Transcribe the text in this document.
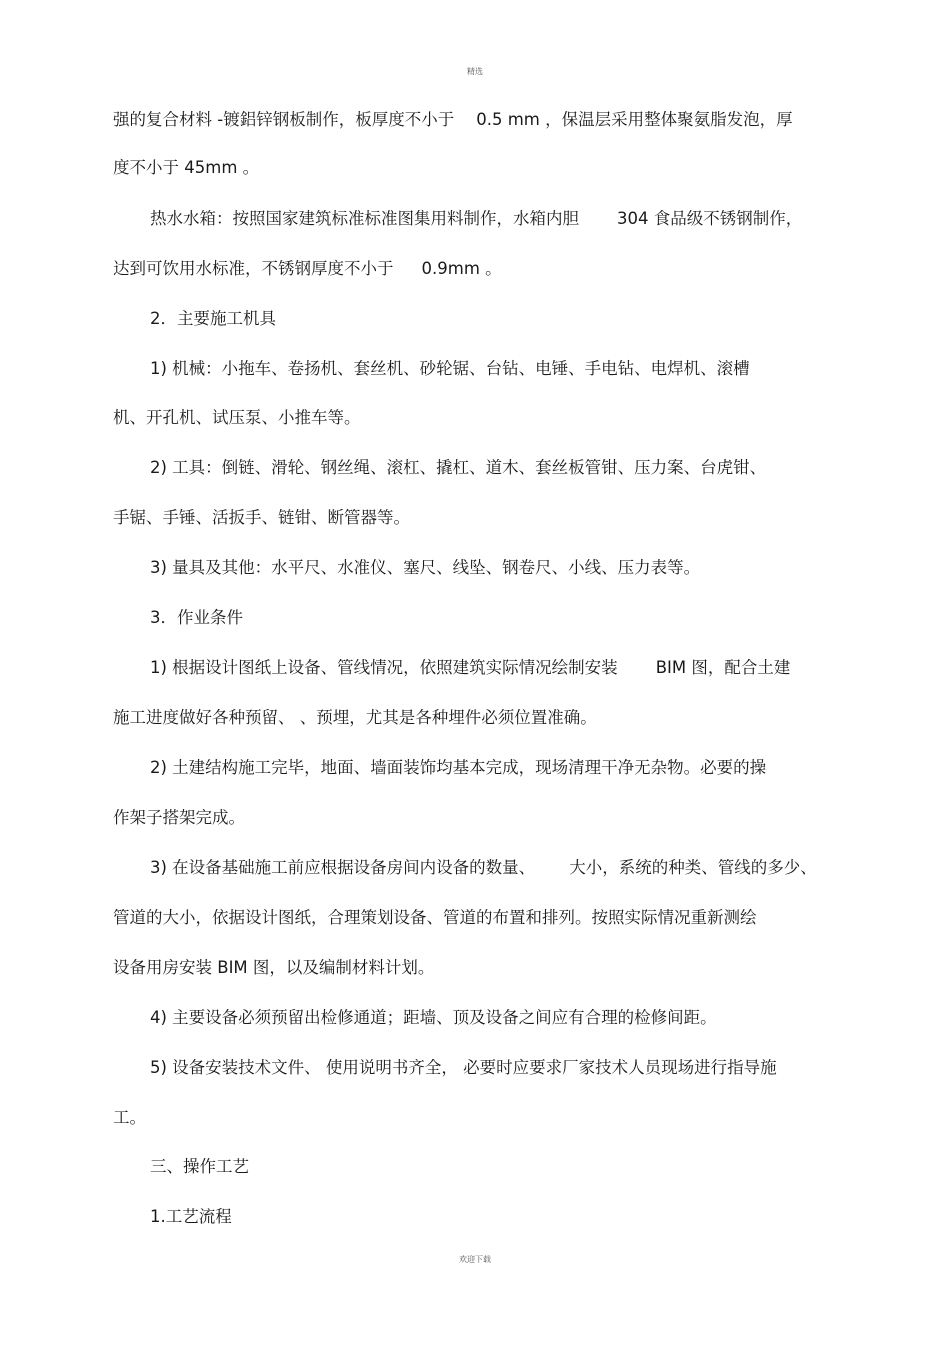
精选
强的复合材料 -镀鋁锌钢板制作，板厚度不小于 0.5 mm ，保温层采用整体聚氨脂发泡，厚
度不小于 45mm 。
热水水箱：按照国家建筑标准标准图集用料制作，水箱内胆 304 食品级不锈钢制作，
达到可饮用水标准，不锈钢厚度不小于 0.9mm 。
2．主要施工机具
1) 机械：小拖车、卷扬机、套丝机、砂轮锯、台钻、电锤、手电钻、电焊机、滚槽
机、开孔机、试压泵、小推车等。
2) 工具：倒链、滑轮、钢丝绳、滚杠、撬杠、道木、套丝板管钳、压力案、台虎钳、
手锯、手锤、活扳手、链钳、断管器等。
3) 量具及其他：水平尺、水准仪、塞尺、线坠、钢卷尺、小线、压力表等。
3．作业条件
1) 根据设计图纸上设备、管线情况，依照建筑实际情况绘制安装 BIM 图，配合土建
施工进度做好各种预留、 、预埋，尤其是各种埋件必须位置准确。
2) 土建结构施工完毕，地面、墙面装饰均基本完成，现场清理干净无杂物。必要的操
作架子搭架完成。
3) 在设备基础施工前应根据设备房间内设备的数量、 大小，系统的种类、管线的多少、
管道的大小，依据设计图纸，合理策划设备、管道的布置和排列。按照实际情况重新测绘
设备用房安装 BIM 图，以及编制材料计划。
4) 主要设备必须预留出检修通道；距墙、顶及设备之间应有合理的检修间距。
5) 设备安装技术文件、 使用说明书齐全， 必要时应要求厂家技术人员现场进行指导施
工。
三、操作工艺
1.工艺流程
欢迎下载
